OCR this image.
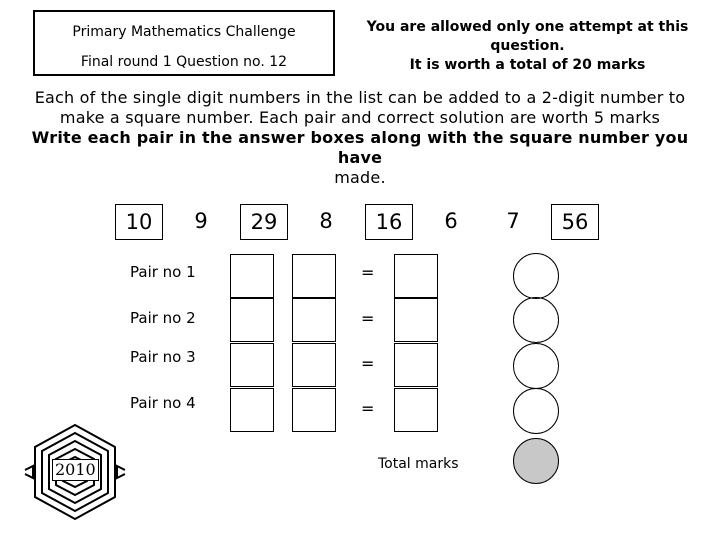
Primary Mathematics Challenge
Final round 1 Question no. 12
You are allowed only one attempt at this
question.
It is worth a total of 20 marks
Each of the single digit numbers in the list can be added to a 2-digit number to
make a square number. Each pair and correct solution are worth 5 marks
Write each pair in the answer boxes along with the square number you have
made.
10	9	29	8	16	6	7	56
Pair no 1	=
Pair no 2	=
Pair no 3	=
Pair no 4	=
Total marks
2010
